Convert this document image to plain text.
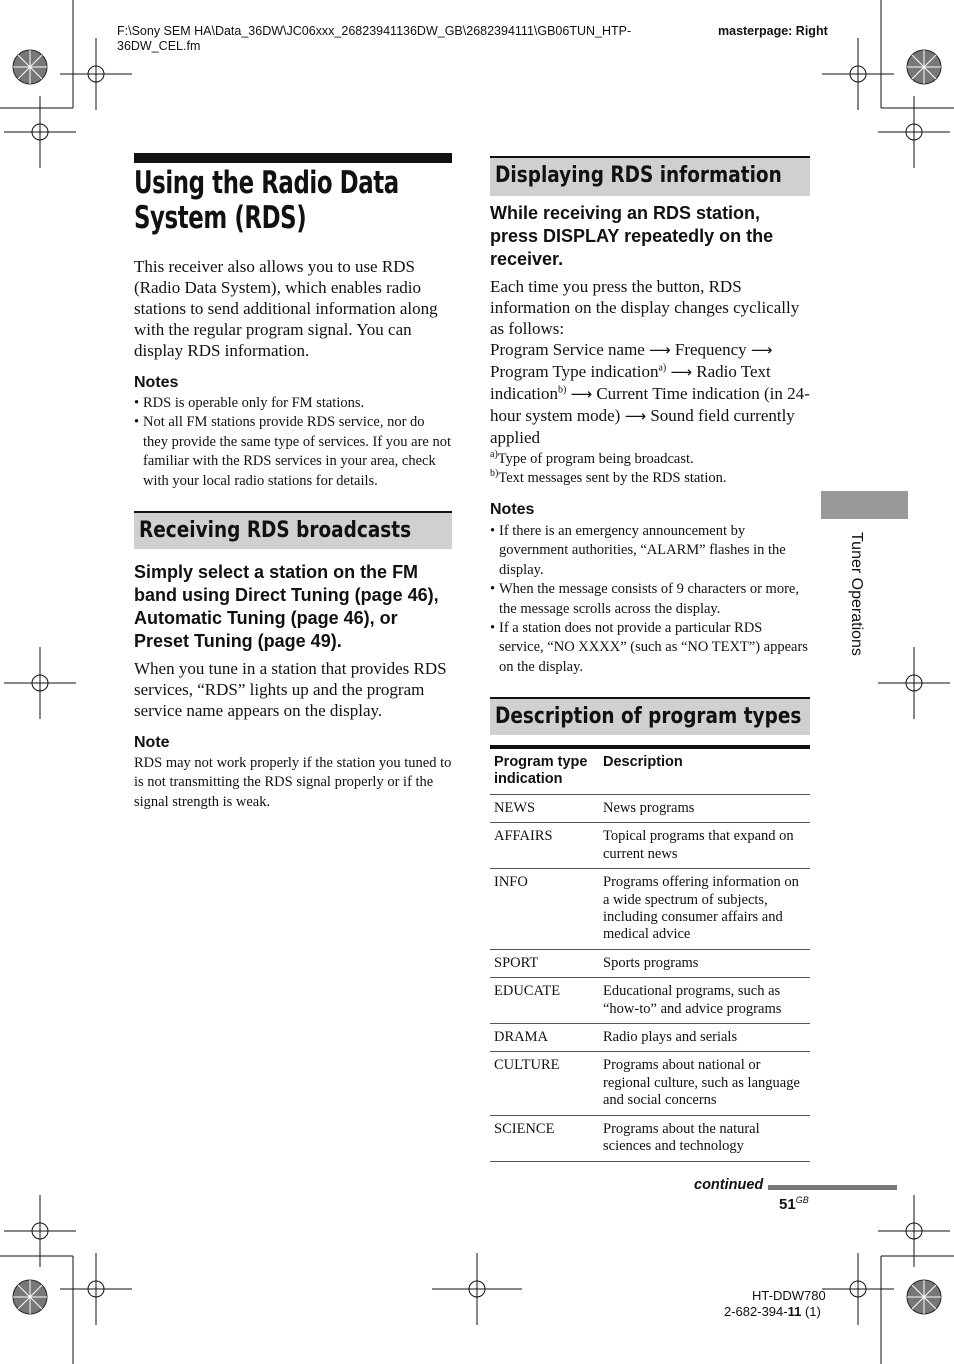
F:\Sony SEM HA\Data_36DW\JC06xxx_26823941136DW_GB\2682394111\GB06TUN_HTP-36DW_CEL.fm
masterpage: Right
Using the Radio Data
System (RDS)
This receiver also allows you to use RDS (Radio Data System), which enables radio stations to send additional information along with the regular program signal. You can display RDS information.
Notes
• RDS is operable only for FM stations.
• Not all FM stations provide RDS service, nor do they provide the same type of services. If you are not familiar with the RDS services in your area, check with your local radio stations for details.
Receiving RDS broadcasts
Simply select a station on the FM band using Direct Tuning (page 46), Automatic Tuning (page 46), or Preset Tuning (page 49).
When you tune in a station that provides RDS services, “RDS” lights up and the program service name appears on the display.
Note
RDS may not work properly if the station you tuned to is not transmitting the RDS signal properly or if the signal strength is weak.
Displaying RDS information
While receiving an RDS station, press DISPLAY repeatedly on the receiver.
Each time you press the button, RDS information on the display changes cyclically as follows:
Program Service name ⟶ Frequency ⟶
Program Type indication$^{a)}$ ⟶ Radio Text indication$^{b)}$ ⟶ Current Time indication (in 24-hour system mode) ⟶ Sound field currently applied
$^{a)}$Type of program being broadcast.
$^{b)}$Text messages sent by the RDS station.
Notes
• If there is an emergency announcement by government authorities, “ALARM” flashes in the display.
• When the message consists of 9 characters or more, the message scrolls across the display.
• If a station does not provide a particular RDS service, “NO XXXX” (such as “NO TEXT”) appears on the display.
Description of program types
Program type indication	Description
NEWS	News programs
AFFAIRS	Topical programs that expand on current news
INFO	Programs offering information on a wide spectrum of subjects, including consumer affairs and medical advice
SPORT	Sports programs
EDUCATE	Educational programs, such as “how-to” and advice programs
DRAMA	Radio plays and serials
CULTURE	Programs about national or regional culture, such as language and social concerns
SCIENCE	Programs about the natural sciences and technology
Tuner Operations
continued
$51^{GB}$
HT-DDW780
2-682-394-11 (1)
